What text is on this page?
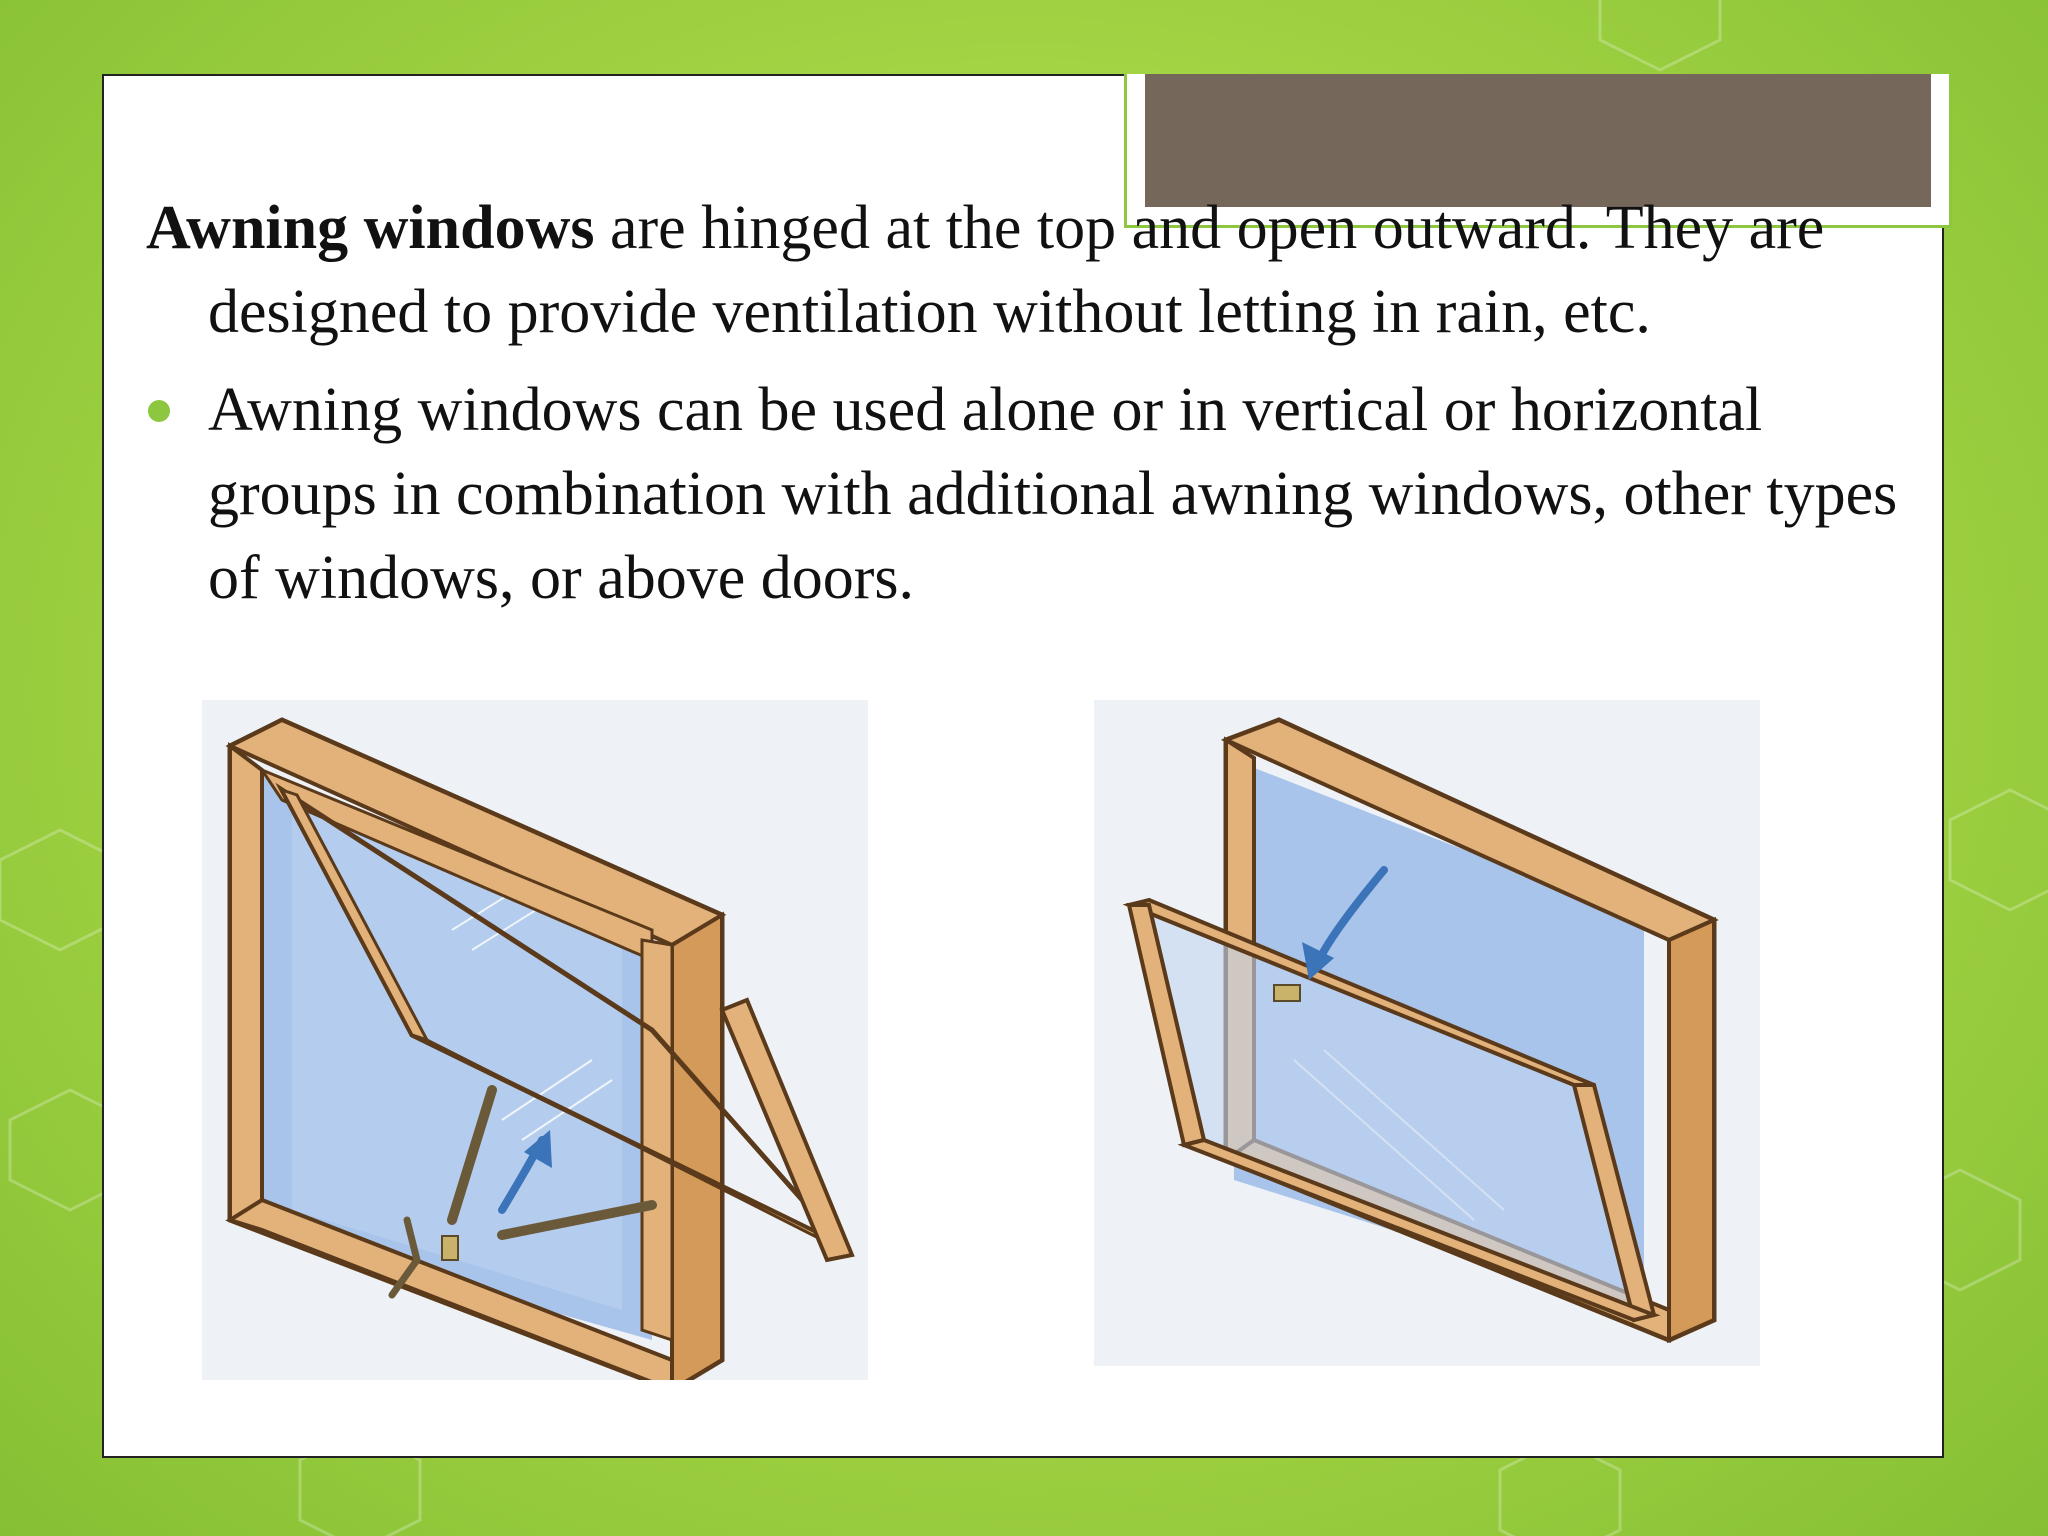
Awning windows are hinged at the top and open outward. They are designed to provide ventilation without letting in rain, etc.

Awning windows can be used alone or in vertical or horizontal groups in combination with additional awning windows, other types of windows, or above doors.
